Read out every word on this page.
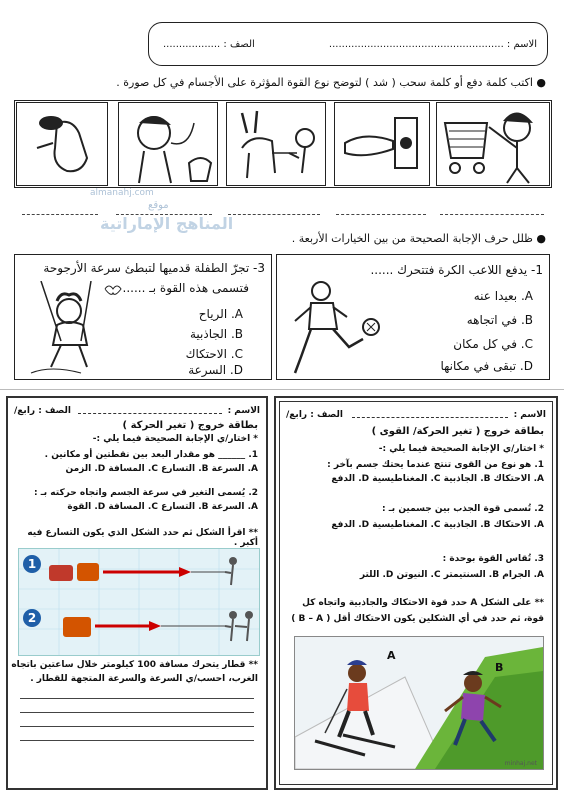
الاسم : .......................................................
الصف : ..................
● اكتب كلمة دفع أو كلمة سحب ( شد ) لتوضح نوع القوة المؤثرة على الأجسام في كل صورة .
almanahj.com
موقع
المناهج الإماراتية
● ظلل حرف الإجابة الصحيحة من بين الخيارات الأربعة .
1- يدفع اللاعب الكرة فتتحرك ......
A. بعيدا عنه
B. في اتجاهه
C. في كل مكان
D. تبقى في مكانها
3- تجرّ الطفلة قدميها لتبطئ سرعة الأرجوحة
فتسمى هذه القوة بـ ......
A. الرياح
B. الجاذبية
C. الاحتكاك
D. السرعة
الاسم :
الصف : رابع/
بطاقة خروج ( تغير الحركة )
* اختار/ي الإجابة الصحيحة فيما يلي :-
1. ______ هو مقدار البعد بين نقطتين أو مكانين .
A. السرعة B. التسارع C. المسافة D. الزمن
2. يُسمى التغير في سرعة الجسم واتجاه حركته بـ :
A. السرعة B. التسارع C. المسافة D. القوة
** اقرأ الشكل ثم حدد الشكل الذي يكون التسارع فيه أكبر .
1
2
** قطار يتحرك مسافة 100 كيلومتر خلال ساعتين باتجاه
الغرب، احسب/ي السرعة والسرعة المتجهة للقطار .
الاسم :
الصف : رابع/
بطاقة خروج ( تغير الحركة/ القوى )
* اختار/ي الإجابة الصحيحة فيما يلي :-
1. هو نوع من القوى تنتج عندما يحتك جسم بآخر :
A. الاحتكاك B. الجاذبية C. المغناطيسية D. الدفع
2. تُسمى قوة الجذب بين جسمين بـ :
A. الاحتكاك B. الجاذبية C. المغناطيسية D. الدفع
3. تُقاس القوة بوحدة :
A. الجرام B. السنتيمتر C. النيوتن D. اللتر
** على الشكل A حدد قوة الاحتكاك والجاذبية واتجاه كل
قوة، ثم حدد في أي الشكلين يكون الاحتكاك أقل ( B – A )
A
B
minhaj.net
